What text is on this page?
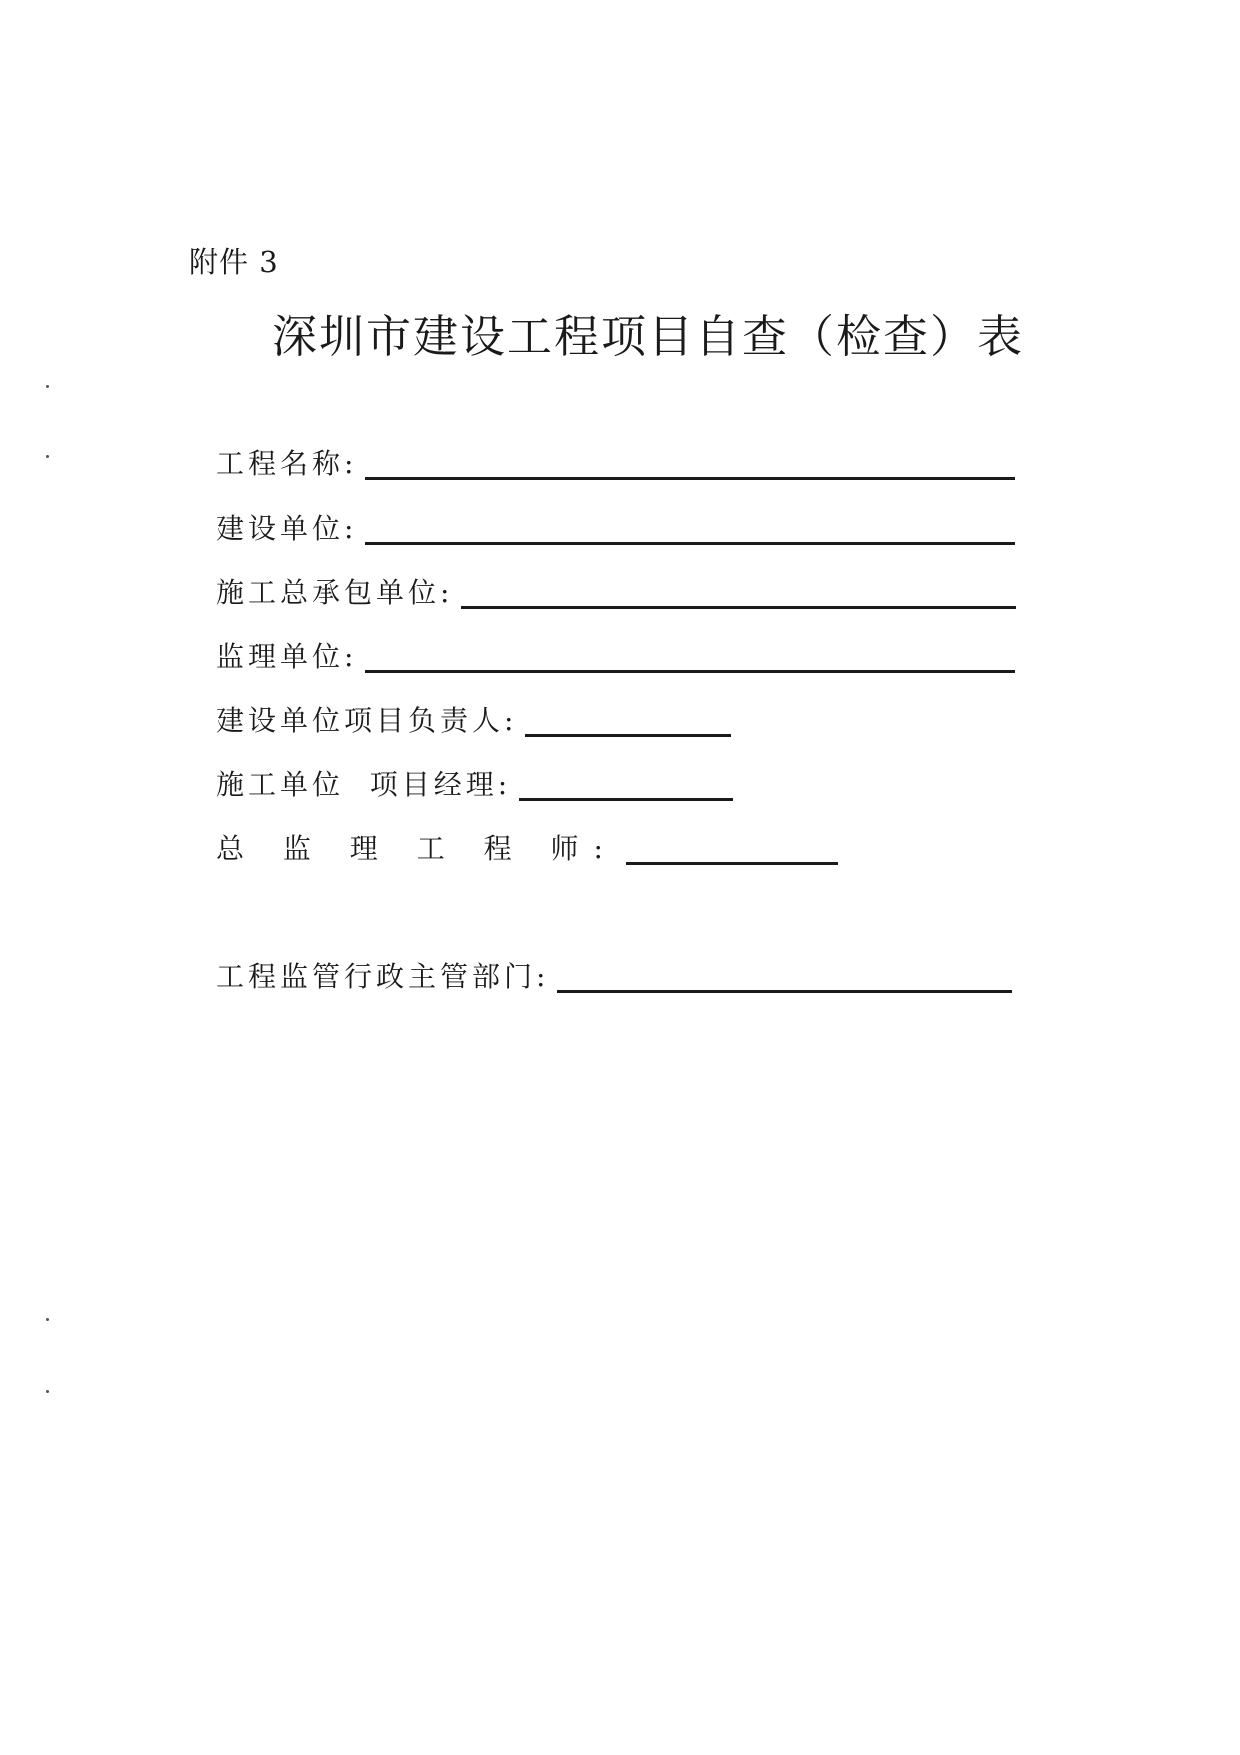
附件 3
深圳市建设工程项目自查（检查）表
工程名称:
建设单位:
施工总承包单位:
监理单位:
建设单位项目负责人:
施工单位  项目经理:
总 监 理 工 程 师:
工程监管行政主管部门:
